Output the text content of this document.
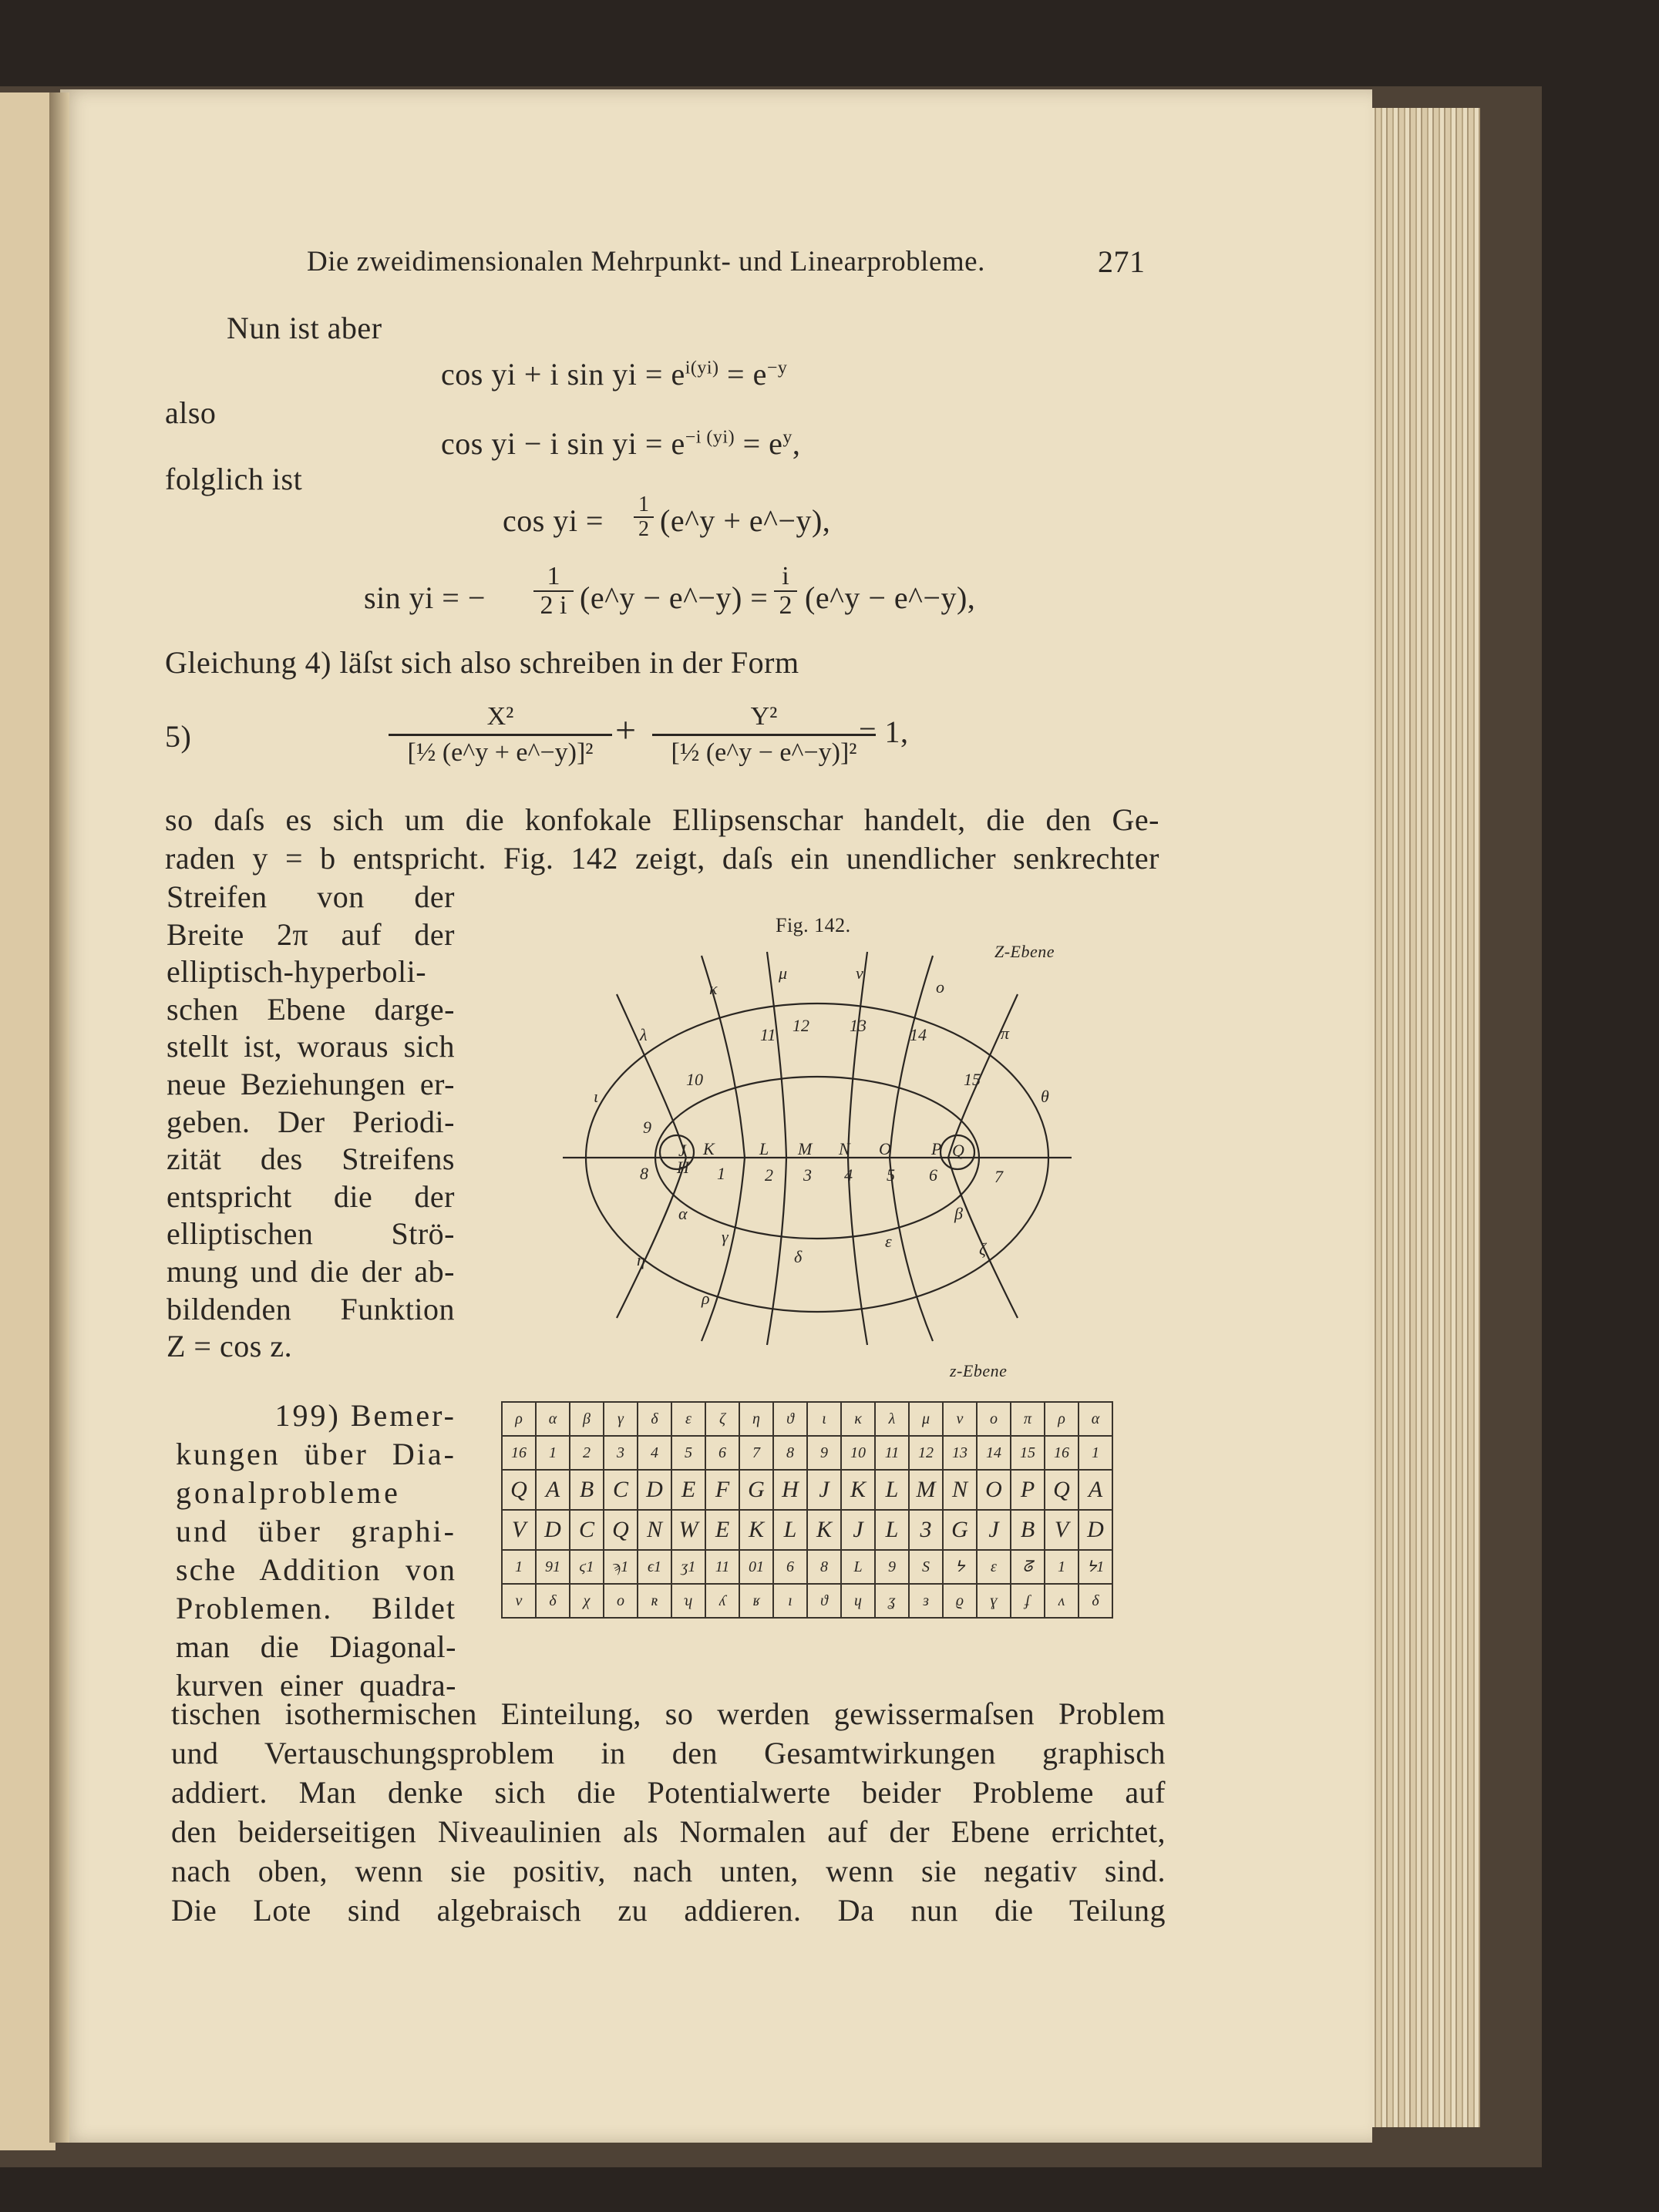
Die zweidimensionalen Mehrpunkt- und Linearprobleme.	271
Nun ist aber
cos yi + i sin yi = $e^{i(yi)} = e^{-y}$
also
cos yi − i sin yi = $e^{-i (yi)} = e^y$,
folglich ist
cos yi = $\frac{1}{2}$ (e^y + e^−y),
sin yi = − $\frac{1}{2 i}$ (e^y − e^−y) = $\frac{i}{2}$ (e^y − e^−y),
Gleichung 4) läſst sich also schreiben in der Form
5)	$\frac{\text{X²}}{\text{[½ (e\textasciicircum{}y + e\textasciicircum{}−y)]²}} + \frac{\text{Y²}}{\text{[½ (e\textasciicircum{}y − e\textasciicircum{}−y)]²}}$
= 1,
so daſs es sich um die konfokale Ellipsenschar handelt, die den Ge-
raden y = b entspricht. Fig. 142 zeigt, daſs ein unendlicher senkrechter
Streifen von der
Breite 2π auf der
elliptisch-hyperboli-
schen Ebene darge-
stellt ist, woraus sich
neue Beziehungen er-
geben. Der Periodi-
zität des Streifens
entspricht die der
elliptischen Strö-
mung und die der ab-
bildenden Funktion
Z = cos z.
199) Bemer-
kungen über Dia-
gonalprobleme
und über graphi-
sche Addition von
Problemen. Bildet
man die Diagonal-
kurven einer quadra-
tischen isothermischen Einteilung, so werden gewissermaſsen Problem
und Vertauschungsproblem in den Gesamtwirkungen graphisch
addiert. Man denke sich die Potentialwerte beider Probleme auf
den beiderseitigen Niveaulinien als Normalen auf der Ebene errichtet,
nach oben, wenn sie positiv, nach unten, wenn sie negativ sind.
Die Lote sind algebraisch zu addieren. Da nun die Teilung
Fig. 142.
Z-Ebene
z-Ebene
J K	L M N O P Q
H
11 12 13	14
15
10
9
κ
μ	ν
o
λ	π
ι	θ
1 2 3 4 5 6	7
8
α	β
γ
δ
ε	ζ
η
ρ
ρ	α	β	γ	δ	ε	ζ	η	ϑ	ι	κ	λ	μ	ν	ο	π	ρ	α
16	1	2	3	4	5	6	7	8	9	10	11	12	13	14	15	16	1
Q	A	B	C	D	E	F	G	H	J	K	L	M	N	O	P	Q	A
V	D	C	Q	N	W	E	K	L	K	J	L	3	G	J	B	V	D
1	91	ϛ1	ϡ1	ϵ1	ʒ1	11	01	6	8	L	9	S	ᔭ	ɛ	ᘔ	1	ᔭ1
ν	δ	χ	ο	ʀ	ʮ	ʎ	ʁ	ı	ϑ	ɥ	ʓ	ɜ	ϱ	ɣ	ʄ	ʌ	δ
